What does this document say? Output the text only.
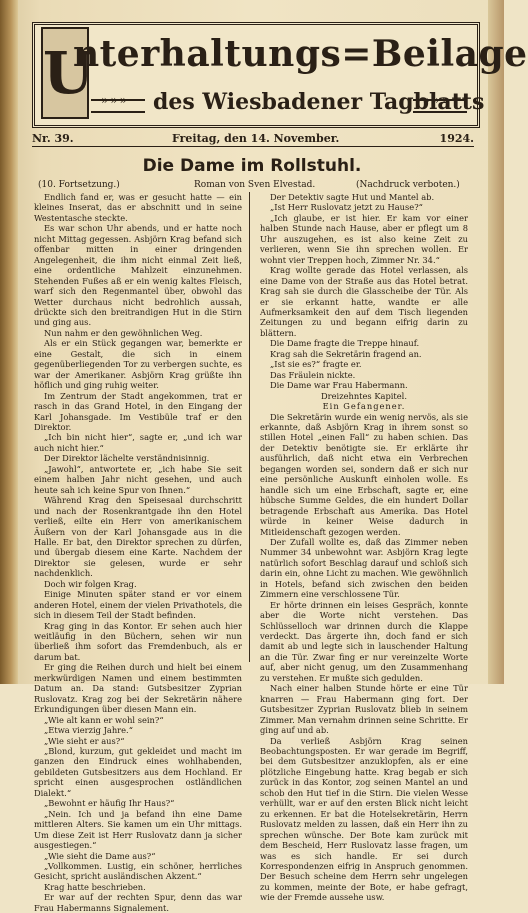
U
nterhaltungs=Beilage
»»»
des Wiesbadener Tagblatts
»»»
Nr. 39.	Freitag, den 14. November.	1924.
Die Dame im Rollstuhl.
(10. Fortsetzung.)	Roman von Sven Elvestad.	(Nachdruck verboten.)

Endlich fand er, was er gesucht hatte — ein kleines Inserat, das er abschnitt und in seine Westentasche steckte.

Es war schon Uhr abends, und er hatte noch nicht Mittag gegessen. Asbjörn Krag befand sich offenbar mitten in einer dringenden Angelegenheit, die ihm nicht einmal Zeit ließ, eine ordentliche Mahlzeit einzunehmen. Stehenden Fußes aß er ein wenig kaltes Fleisch, warf sich den Regenmantel über, obwohl das Wetter durchaus nicht bedrohlich aussah, drückte sich den breitrandigen Hut in die Stirn und ging aus.

Nun nahm er den gewöhnlichen Weg.

Als er ein Stück gegangen war, bemerkte er eine Gestalt, die sich in einem gegenüberliegenden Tor zu verbergen suchte, es war der Amerikaner. Asbjörn Krag grüßte ihn höflich und ging ruhig weiter.

Im Zentrum der Stadt angekommen, trat er rasch in das Grand Hotel, in den Eingang der Karl Johansgade. Im Vestibüle traf er den Direktor.

„Ich bin nicht hier“, sagte er, „und ich war auch nicht hier.“

Der Direktor lächelte verständnisinnig.

„Jawohl“, antwortete er, „ich habe Sie seit einem halben Jahr nicht gesehen, und auch heute sah ich keine Spur von Ihnen.“

Während Krag den Speisesaal durchschritt und nach der Rosenkrantgade ihn den Hotel verließ, eilte ein Herr von amerikanischem Äußern von der Karl Johansgade aus in die Halle. Er bat, den Direktor sprechen zu dürfen, und übergab diesem eine Karte. Nachdem der Direktor sie gelesen, wurde er sehr nachdenklich.

Doch wir folgen Krag.

Einige Minuten später stand er vor einem anderen Hotel, einem der vielen Privathotels, die sich in diesem Teil der Stadt befinden.

Krag ging in das Kontor. Er sehen auch hier weitläufig in den Büchern, sehen wir nun überließ ihm sofort das Fremdenbuch, als er darum bat.

Er ging die Reihen durch und hielt bei einem merkwürdigen Namen und einem bestimmten Datum an. Da stand: Gutsbesitzer Zyprian Ruslovatz. Krag zog bei der Sekretärin nähere Erkundigungen über diesen Mann ein.

„Wie alt kann er wohl sein?“

„Etwa vierzig Jahre.“

„Wie sieht er aus?“

„Blond, kurzum, gut gekleidet und macht im ganzen den Eindruck eines wohlhabenden, gebildeten Gutsbesitzers aus dem Hochland. Er spricht einen ausgesprochen ostländlichen Dialekt.“

„Bewohnt er häufig Ihr Haus?“

„Nein. Ich und ja befand ihn eine Dame mittleren Alters. Sie kamen um ein Uhr mittags. Um diese Zeit ist Herr Ruslovatz dann ja sicher ausgestiegen.“

„Wie sieht die Dame aus?“

„Vollkommen. Lustig, ein schöner, herrliches Gesicht, spricht ausländischen Akzent.“

Krag hatte beschrieben.

Er war auf der rechten Spur, denn das war Frau Habermanns Signalement.

Der Detektiv sagte Hut und Mantel ab.

„Ist Herr Ruslovatz jetzt zu Hause?“

„Ich glaube, er ist hier. Er kam vor einer halben Stunde nach Hause, aber er pflegt um 8 Uhr auszugehen, es ist also keine Zeit zu verlieren, wenn Sie ihn sprechen wollen. Er wohnt vier Treppen hoch, Zimmer Nr. 34.“

Krag wollte gerade das Hotel verlassen, als eine Dame von der Straße aus das Hotel betrat. Krag sah sie durch die Glasscheibe der Tür. Als er sie erkannt hatte, wandte er alle Aufmerksamkeit den auf dem Tisch liegenden Zeitungen zu und begann eifrig darin zu blättern.

Die Dame fragte die Treppe hinauf.

Krag sah die Sekretärin fragend an.

„Ist sie es?“ fragte er.

Das Fräulein nickte.

Die Dame war Frau Habermann.

Dreizehntes Kapitel.

Ein Gefangener.

Die Sekretärin wurde ein wenig nervös, als sie erkannte, daß Asbjörn Krag in ihrem sonst so stillen Hotel „einen Fall“ zu haben schien. Das der Detektiv benötigte sie. Er erklärte ihr ausführlich, daß nicht etwa ein Verbrechen begangen worden sei, sondern daß er sich nur eine persönliche Auskunft einholen wolle. Es handle sich um eine Erbschaft, sagte er, eine hübsche Summe Geldes, die ein hundert Dollar betragende Erbschaft aus Amerika. Das Hotel würde in keiner Weise dadurch in Mitleidenschaft gezogen werden.

Der Zufall wollte es, daß das Zimmer neben Nummer 34 unbewohnt war. Asbjörn Krag legte natürlich sofort Beschlag darauf und schloß sich darin ein, ohne Licht zu machen. Wie gewöhnlich in Hotels, befand sich zwischen den beiden Zimmern eine verschlossene Tür.

Er hörte drinnen ein leises Gespräch, konnte aber die Worte nicht verstehen. Das Schlüsselloch war drinnen durch die Klappe verdeckt. Das ärgerte ihn, doch fand er sich damit ab und legte sich in lauschender Haltung an die Tür. Zwar fing er nur vereinzelte Worte auf, aber nicht genug, um den Zusammenhang zu verstehen. Er mußte sich gedulden.

Nach einer halben Stunde hörte er eine Tür knarren — Frau Habermann ging fort. Der Gutsbesitzer Zyprian Ruslovatz blieb in seinem Zimmer. Man vernahm drinnen seine Schritte. Er ging auf und ab.

Da verließ Asbjörn Krag seinen Beobachtungsposten. Er war gerade im Begriff, bei dem Gutsbesitzer anzuklopfen, als er eine plötzliche Eingebung hatte. Krag begab er sich zurück in das Kontor, zog seinen Mantel an und schob den Hut tief in die Stirn. Die vielen Wesse verhüllt, war er auf den ersten Blick nicht leicht zu erkennen. Er bat die Hotelsekretärin, Herrn Ruslovatz melden zu lassen, daß ein Herr ihn zu sprechen wünsche. Der Bote kam zurück mit dem Bescheid, Herr Ruslovatz lasse fragen, um was es sich handle. Er sei durch Korrespondenzen eifrig in Anspruch genommen. Der Besuch scheine dem Herrn sehr ungelegen zu kommen, meinte der Bote, er habe gefragt, wie der Fremde aussehe usw.
